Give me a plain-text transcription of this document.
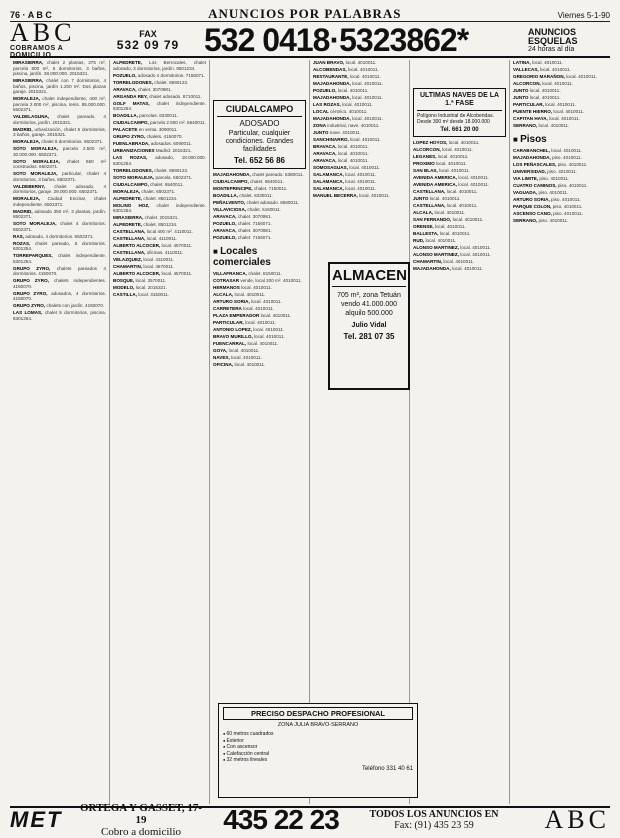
76 · A B C	ANUNCIOS POR PALABRAS	Viernes 5-1-90
ABC
COBRAMOS A DOMICILIO
FAX
532 09 79 532 0418·5323862*	ANUNCIOS ESQUELAS
24 horas al día

MIRASIERRA, chalet 2 plantas, 375 m², parcela 800 m², 5 dormitorios, 3 baños, piscina, jardín. 38.000.000. 2015321.

MIRASIERRA, chalet con 7 dormitorios, 4 baños, piscina, jardín 1.200 m². Dos plazas garaje. 2015321.

MORALEJA, chalet independiente, 400 m², parcela 2.000 m², piscina, tenis. 85.000.000. 6502371.

VALDELAGUNA, chalet pareado, 4 dormitorios, jardín. 2015321.

MADRID, urbanización, chalet 5 dormitorios, 3 baños, garaje. 2015321.

MORALEJA, chalet 6 dormitorios. 6502371.

SOTO MORALEJA, parcela 2.500 m², 30.000.000. 6502371.

SOTO MORALEJA, chalet 550 m² construidos. 6502371.

SOTO MORALEJA, particular, chalet 4 dormitorios, 3 baños. 6502371.

VALDEBERNY, chalet adosado, 4 dormitorios, garaje. 29.000.000. 6502371.

MORALEJA, Ciudad Encinar, chalet independiente. 6502371.

MADRID, adosado 350 m², 3 plantas, jardín. 6502371.

SOTO MORALEJA, chalet 4 dormitorios. 6502371.

RAS, adosado, 4 dormitorios. 6502371.

ROZAS, chalet pareado, 5 dormitorios. 6301254.

TORREPARQUES, chalet independiente. 6301254.

GRUPO ZYRO, chalets pareados 4 dormitorios. 4150070.

GRUPO ZYRO, chalets independientes. 4150070.

GRUPO ZYRO, adosados, 4 dormitorios. 4150070.

GRUPO ZYRO, chalets con jardín. 4150070.

LAS LOMAS, chalet 5 dormitorios, piscina. 6301254.

ALPEDRETE, Los Berrocales, chalet adosado, 3 dormitorios, jardín. 8501234.

POZUELO, adosado 4 dormitorios. 7156071.

TORRELODONES, chalet. 8590123.

ARAVACA, chalet. 3070981.

ARGANDA REY, chalet adosado. 8710011.

GOLF MATAS, chalet independiente. 6301254.

BOADILLA, parcelas. 6330011.

CIUDALCAMPO, parcela 2.500 m². 6540011.

PALACETE en venta. 3090011.

GRUPO ZYRO, chalets. 4150070.

FUENLABRADA, adosados. 6090011.

URBANIZACIONES Madrid. 2015321.

LAS ROZAS, adosado, 18.000.000. 6301254.

TORRELODONES, chalet. 8590123.

SOTO MORALEJA, parcela. 6502371.

CIUDALCAMPO, chalet. 6540011.

MORALEJA, chalet. 6502371.

ALPEDRETE, chalet. 8501234.

MOLINO HOZ, chalet independiente. 6301254.

MIRASIERRA, chalet. 2015321.

ALPEDRETE, chalet. 8501234.

CASTELLANA, local 400 m². 4110011.

CASTELLANA, local. 4110011.

ALBERTO ALCOCER, local. 4570011.

CASTELLANA, oficinas. 4110011.

VELAZQUEZ, local. 4310011.

CHAMARTIN, local. 4570011.

ALBERTO ALCOCER, local. 4570011.

BOSQUE, local. 3570011.

MODELO, local. 2015321.

CASTILLA, local. 3150011.

CIUDALCAMPO
ADOSADO
Particular, cualquier condiciones. Grandes facilidades
Tel. 652 56 86

MAJADAHONDA, chalet pareado. 6380011.

CIUDALCAMPO, chalet. 6540011.

MONTEPRINCIPE, chalet. 7150011.

BOADILLA, chalet. 6330011.

PEÑALVENTO, chalet adosado. 8560011.

VILLAVICIOSA, chalet. 6160011.

ARAVACA, chalet. 3070981.

POZUELO, chalet. 7156071.

ARAVACA, chalet. 3070981.

POZUELO, chalet. 7156071.

■ Locales comerciales

VILLAFRANCA, chalet. 8150011.

COTRASAR vende, local 200 m². 4010011.

HERMANOS local. 4010011.

ALCALA, local. 4010011.

ARTURO SORIA, local. 4010011.

CARRETERA local. 4010011.

PLAZA EMPERADOR local. 4010011.

PARTICULAR, local. 4010011.

ANTONIO LOPEZ, local. 4010011.

BRAVO MURILLO, local. 4010011.

FUENCARRAL, local. 4010011.

GOYA, local. 4010011.

NAVES, local. 4010011.

OFICINA, local. 4010011.

JUAN BRAVO, local. 4010011.

ALCOBENDAS, local. 4010011.

RESTAURANTE, local. 4010011.

MAJADAHONDA, local. 4010011.

POZUELO, local. 4010011.

MAJADAHONDA, local. 4010011.

LAS ROZAS, local. 4010011.

LOCAL céntrico. 4010011.

MAJADAHONDA, local. 4010011.

ZONA industrial, nave. 4010011.

JUNTO nave. 4010011.

SANCHINARRO, local. 4010011.

BRAVACA, local. 4010011.

ARAVACA, local. 4010011.

ARAVACA, local. 4010011.

SOMOSAGUAS, local. 4010011.

SALAMANCA, local. 4010011.

SALAMANCA, local. 4010011.

SALAMANCA, local. 4010011.

MANUEL BECERRA, local. 4010011.

ULTIMAS NAVES DE LA 1.ª FASE
Polígono Industrial de Alcobendas. Desde 300 m² desde 18.000.000
Tel. 661 20 00

LOPEZ HOYOS, local. 4010011.

ALCORCON, local. 4010011.

LEGANES, local. 4010011.

PROXIMO local. 4010011.

SAN BLAS, local. 4010011.

AVENIDA AMERICA, local. 4010011.

AVENIDA AMERICA, local. 4010011.

CASTELLANA, local. 4010011.

JUNTO local. 4010011.

CASTELLANA, local. 4010011.

ALCALA, local. 4010011.

SAN FERNANDO, local. 4010011.

ORENSE, local. 4010011.

BALLESTA, local. 4010011.

RUD, local. 4010011.

ALONSO MARTINEZ, local. 4010011.

ALONSO MARTINEZ, local. 4010011.

CHAMARTIN, local. 4010011.

MAJADAHONDA, local. 4010011.

LATINA, local. 4010011.

VALLECAS, local. 4010011.

GREGORIO MARAÑON, local. 4010011.

ALCORCON, local. 4010011.

JUNTO local. 4010011.

JUNTO local. 4010011.

PARTICULAR, local. 4010011.

PUENTE HIERRO, local. 4010011.

CAPITAN HAYA, local. 4010011.

SERRANO, local. 4010011.

■ Pisos

CARABANCHEL, local. 4010011.

MAJADAHONDA, piso. 4010011.

LOS PEÑASCALES, piso. 4010011.

UNIVERSIDAD, piso. 4010011.

VIA LIMITE, piso. 4010011.

CUATRO CAMINOS, piso. 4010011.

VAGUADA, piso. 4010011.

ARTURO SORIA, piso. 4010011.

PARQUE COLON, piso. 4010011.

ASCENSO CANO, piso. 4010011.

SERRANO, piso. 4010011.

ALMACEN
705 m², zona Tetuán vendo 41.000.000 alquilo 500.000
Julio Vidal
Tel. 281 07 35
PRECISO DESPACHO PROFESIONAL
ZONA JULIA BRAVO-SERRANO
● 60 metros cuadrados
● Exterior
● Con ascensor
● Calefacción central
● 32 metros lineales
Teléfono 331 40 61
MET	ORTEGA Y GASSET, 17-19
Cobro a domicilio	435 22 23	TODOS LOS ANUNCIOS EN
Fax: (91) 435 23 59	ABC
